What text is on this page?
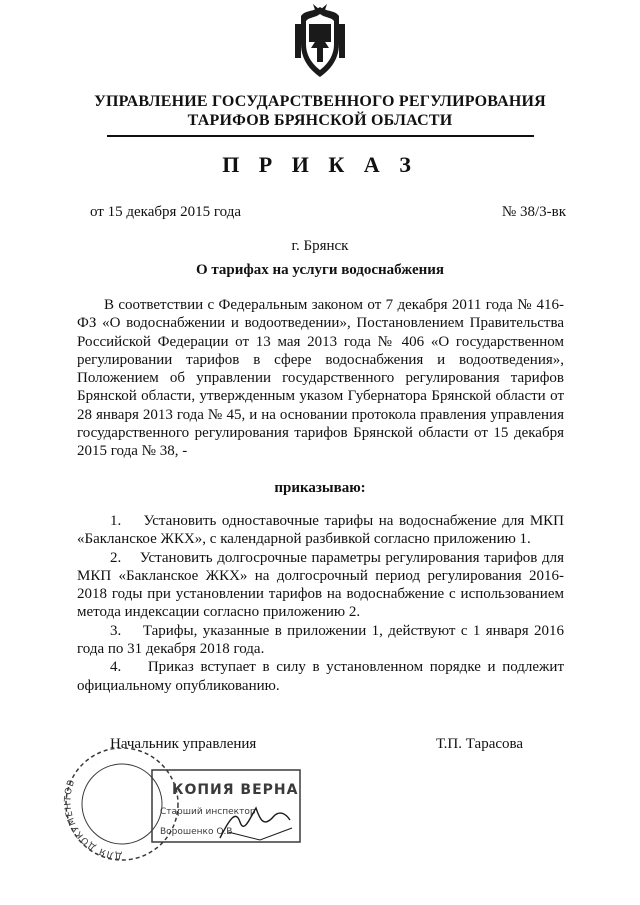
УПРАВЛЕНИЕ ГОСУДАРСТВЕННОГО РЕГУЛИРОВАНИЯ
ТАРИФОВ БРЯНСКОЙ ОБЛАСТИ
П Р И К А З
от 15 декабря 2015 года	№ 38/3-вк
г. Брянск
О тарифах на услуги водоснабжения

В соответствии с Федеральным законом от 7 декабря 2011 года № 416-ФЗ «О водоснабжении и водоотведении», Постановлением Правительства Российской Федерации от 13 мая 2013 года № 406 «О государственном регулировании тарифов в сфере водоснабжения и водоотведения», Положением об управлении государственного регулирования тарифов Брянской области, утвержденным указом Губернатора Брянской области от 28 января 2013 года № 45, и на основании протокола правления управления государственного регулирования тарифов Брянской области от 15 декабря 2015 года № 38, -

приказываю:
1. Установить одноставочные тарифы на водоснабжение для МКП «Бакланское ЖКХ», с календарной разбивкой согласно приложению 1.
2. Установить долгосрочные параметры регулирования тарифов для МКП «Бакланское ЖКХ» на долгосрочный период регулирования 2016-2018 годы при установлении тарифов на водоснабжение с использованием метода индексации согласно приложению 2.
3. Тарифы, указанные в приложении 1, действуют с 1 января 2016 года по 31 декабря 2018 года.
4. Приказ вступает в силу в установленном порядке и подлежит официальному опубликованию.
Начальник управления	Т.П. Тарасова
ДЛЯ ДОКУМЕНТОВ	КОПИЯ ВЕРНА
Старший инспектор
Ворошенко О.В.
